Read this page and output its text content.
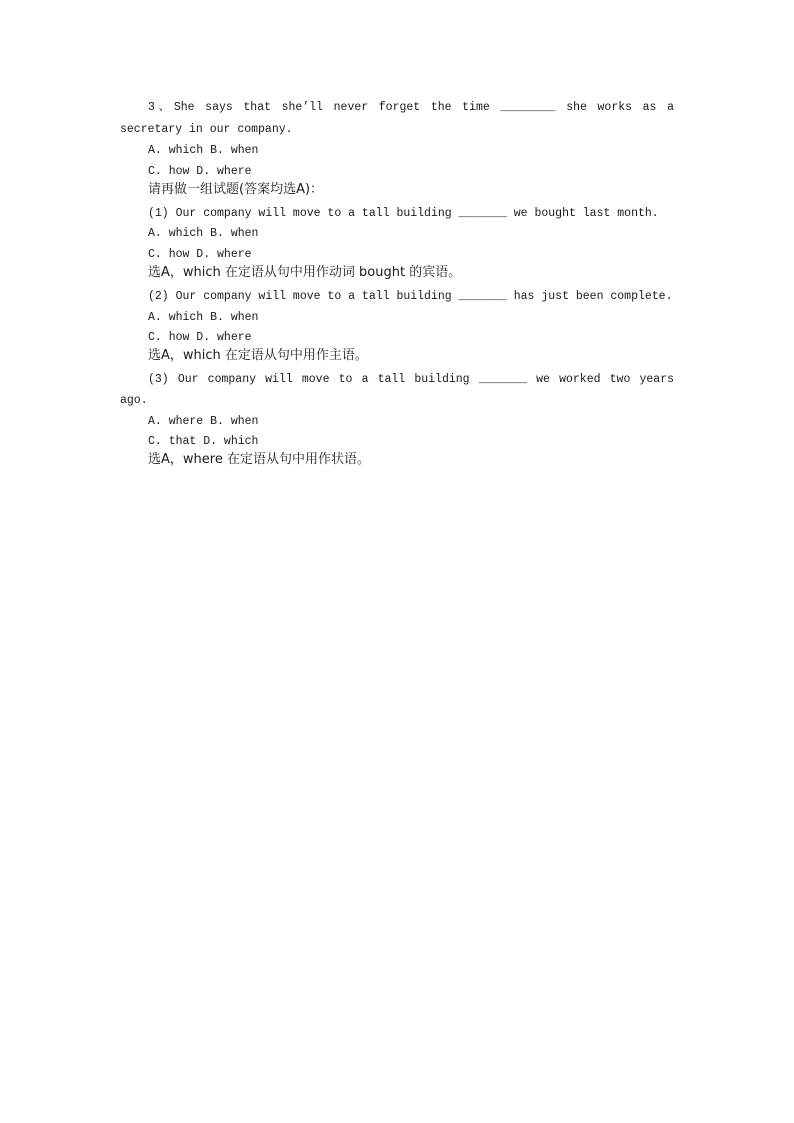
3、She says that she’ll never forget the time ________ she works as a
secretary in our company.
A. which B. when
C. how D. where
请再做一组试题(答案均选A)：
(1) Our company will move to a tall building _______ we bought last month.
A. which B. when
C. how D. where
选A，which 在定语从句中用作动词 bought 的宾语。
(2) Our company will move to a tall building _______ has just been complete.
A. which B. when
C. how D. where
选A，which 在定语从句中用作主语。
(3) Our company will move to a tall building _______ we worked two years
ago.
A. where B. when
C. that D. which
选A，where 在定语从句中用作状语。
